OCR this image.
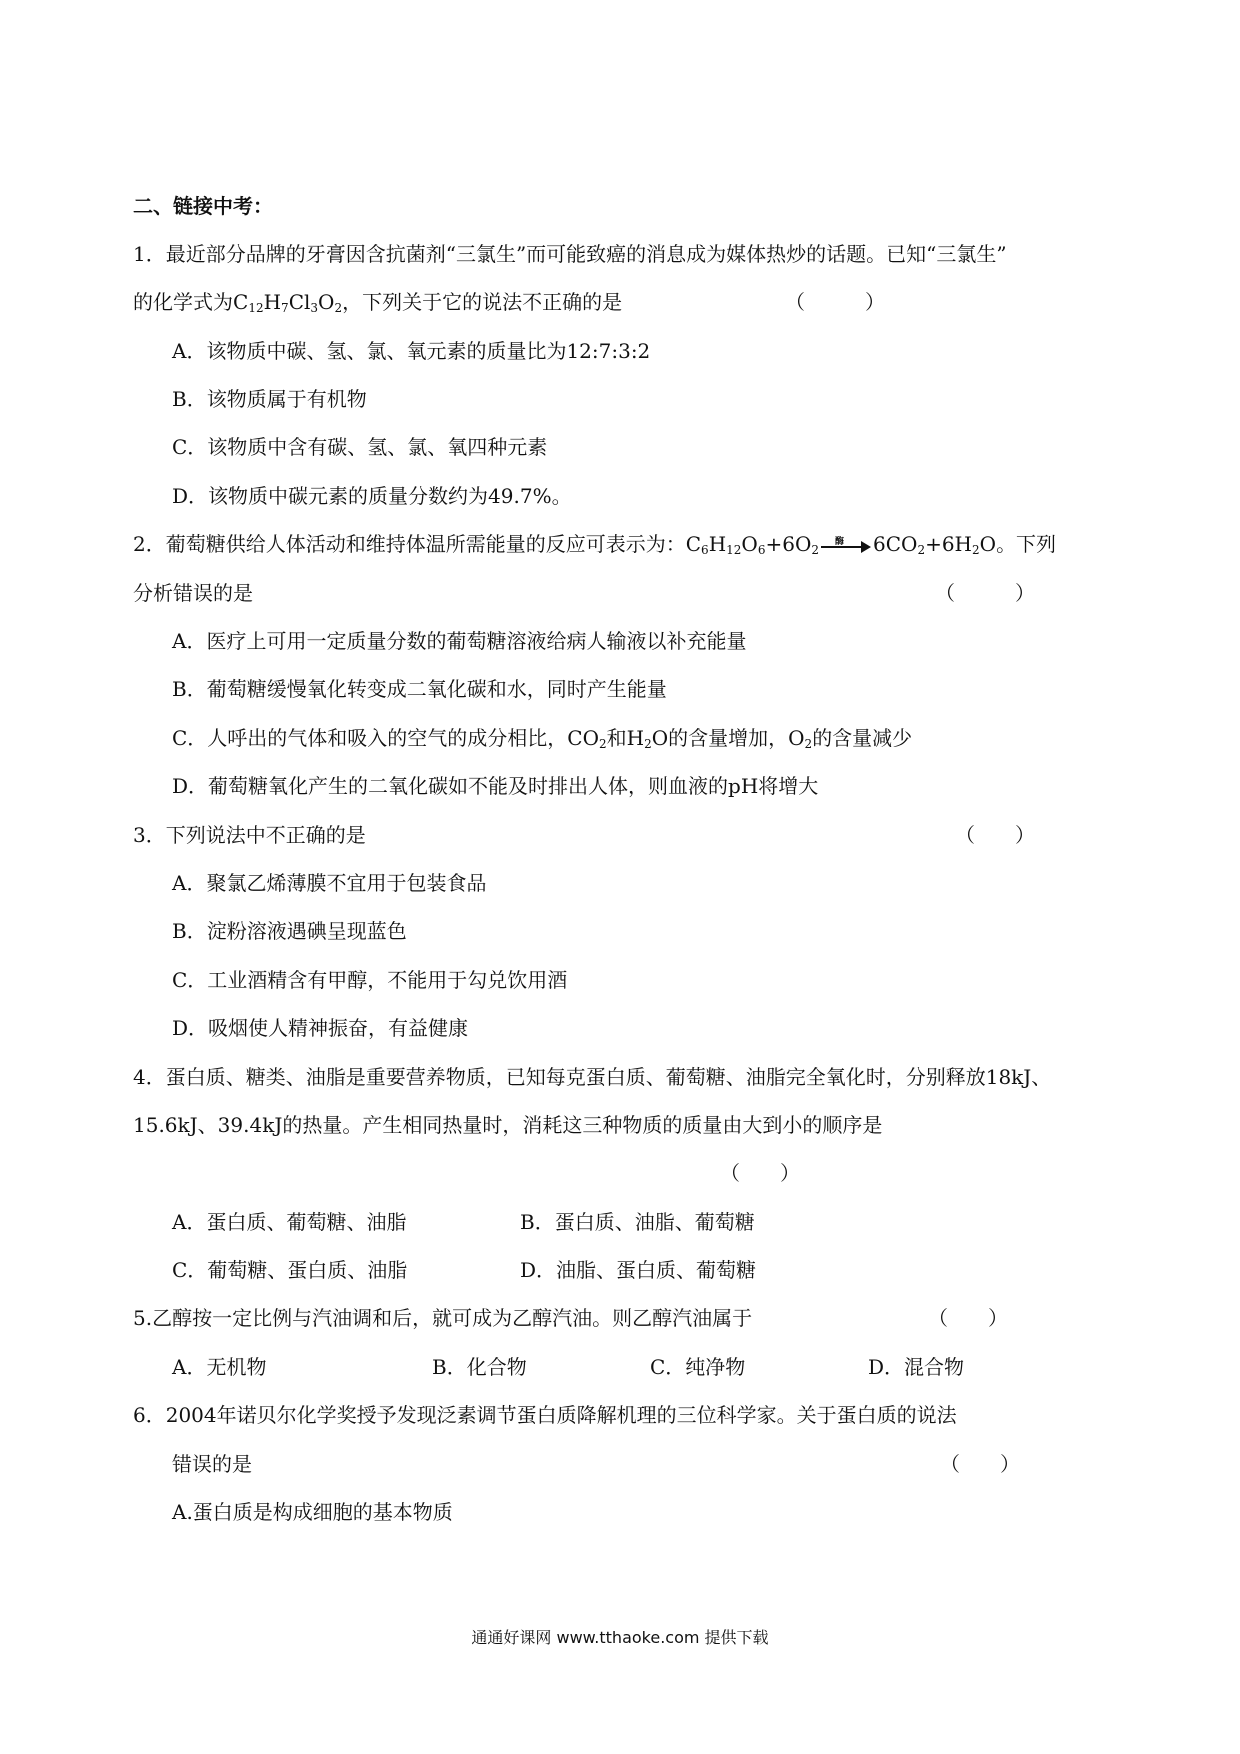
二、链接中考：
1．最近部分品牌的牙膏因含抗菌剂“三氯生”而可能致癌的消息成为媒体热炒的话题。已知“三氯生”
的化学式为$C_{12}H_7Cl_3O_2$，下列关于它的说法不正确的是	（　　　）
A．该物质中碳、氢、氯、氧元素的质量比为12:7:3:2
B．该物质属于有机物
C．该物质中含有碳、氢、氯、氧四种元素
D．该物质中碳元素的质量分数约为49.7%。
2．葡萄糖供给人体活动和维持体温所需能量的反应可表示为：$C_6H_{12}O_6+6O_2$
酶 $6CO_2+6H_2O$。下列
分析错误的是	（　　　）
A．医疗上可用一定质量分数的葡萄糖溶液给病人输液以补充能量
B．葡萄糖缓慢氧化转变成二氧化碳和水，同时产生能量
C．人呼出的气体和吸入的空气的成分相比，$CO_2$和$H_2O$的含量增加，$O_2$的含量减少
D．葡萄糖氧化产生的二氧化碳如不能及时排出人体，则血液的pH将增大
3．下列说法中不正确的是	（　　）
A．聚氯乙烯薄膜不宜用于包装食品
B．淀粉溶液遇碘呈现蓝色
C．工业酒精含有甲醇，不能用于勾兑饮用酒
D．吸烟使人精神振奋，有益健康
4．蛋白质、糖类、油脂是重要营养物质，已知每克蛋白质、葡萄糖、油脂完全氧化时，分别释放18kJ、
15.6kJ、39.4kJ的热量。产生相同热量时，消耗这三种物质的质量由大到小的顺序是
（　　）
A．蛋白质、葡萄糖、油脂	B．蛋白质、油脂、葡萄糖
C．葡萄糖、蛋白质、油脂	D．油脂、蛋白质、葡萄糖
5.乙醇按一定比例与汽油调和后，就可成为乙醇汽油。则乙醇汽油属于	（　　）
A．无机物	B．化合物	C．纯净物	D．混合物
6．2004年诺贝尔化学奖授予发现泛素调节蛋白质降解机理的三位科学家。关于蛋白质的说法
错误的是	（　　）
A.蛋白质是构成细胞的基本物质
通通好课网 www.tthaoke.com 提供下载
